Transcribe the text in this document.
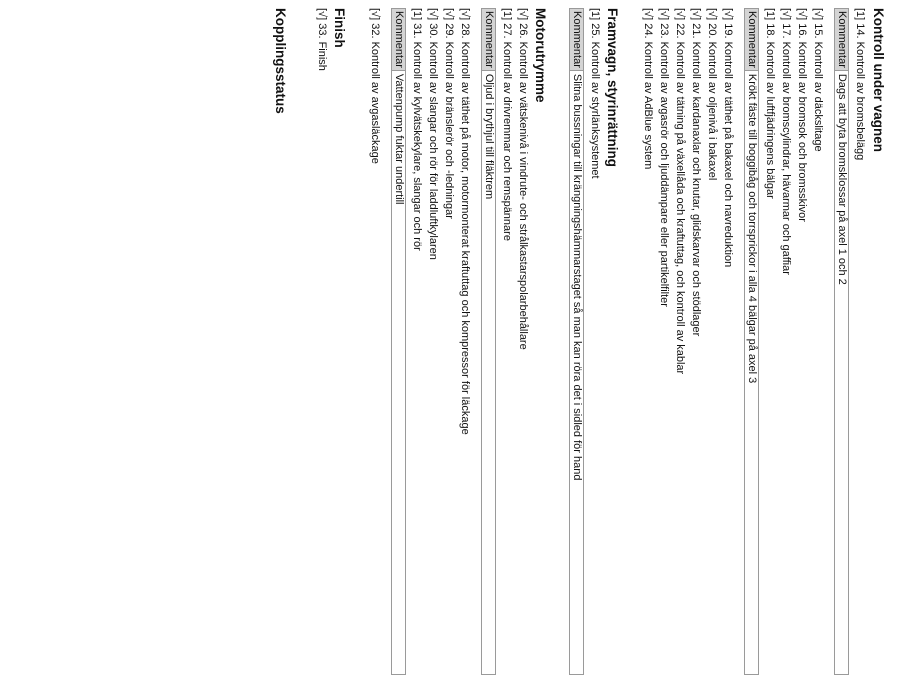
Kontroll under vagnen
[1] 14. Kontroll av bromsbelägg
KommentarDags att byta bromsklossar på axel 1 och 2
[√] 15. Kontroll av däckslitage
[√] 16. Kontroll av bromsok och bromsskivor
[√] 17. Kontroll av bromscylindrar, hävarmar och gaffiar
[1] 18. Kontroll av luftfjädringens bälgar
KommentarKrökt fäste till boggibåg och torrsprickor i alla 4 bälgar på axel 3
[√] 19. Kontroll av täthet på bakaxel och navreduktion
[√] 20. Kontroll av oljenivå i bakaxel
[√] 21. Kontroll av kardanaxlar och knutar, glidskarvar och stödlager
[√] 22. Kontroll av tätning på växellåda och kraftuttag, och kontroll av kablar
[√] 23. Kontroll av avgasrör och ljuddämpare eller partikelfilter
[√] 24. Kontroll av AdBlue system
Framvagn, styrinrättning
[1] 25. Kontroll av styrlänksystemet
KommentarSlitna bussningar till krängningshämmarstaget så man kan röra det i sidled för hand
Motorutrymme
[√] 26. Kontroll av vätskenivå i vindrute- och strålkastarspolarbehållare
[1] 27. Kontroll av drivremmar och remspännare
KommentarOljud i brythjul till fläktrem
[√] 28. Kontroll av täthet på motor, motormonterat kraftuttag och kompressor för läckage
[√] 29. Kontroll av bränslerör och -ledningar
[√] 30. Kontroll av slangar och rör för laddluftkylaren
[1] 31. Kontroll av kylvätskekylare, slangar och rör
KommentarVattenpump fuktar undertill
[√] 32. Kontroll av avgasläckage
Finish
[√] 33. Finish
Kopplingsstatus
